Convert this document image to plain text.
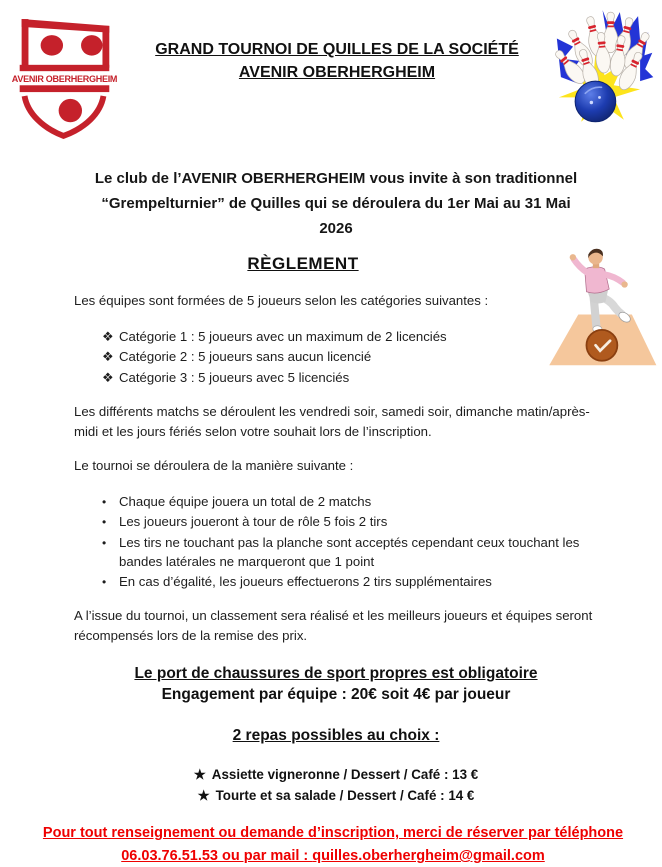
AVENIR OBERHERGHEIM
GRAND TOURNOI DE QUILLES DE LA SOCIÉTÉ
AVENIR OBERHERGHEIM

Le club de l’AVENIR OBERHERGHEIM vous invite à son traditionnel “Grempelturnier” de Quilles qui se déroulera du 1er Mai au 31 Mai 2026

RÈGLEMENT

Les équipes sont formées de 5 joueurs selon les catégories suivantes :

❖ Catégorie 1 : 5 joueurs avec un maximum de 2 licenciés
❖ Catégorie 2 : 5 joueurs sans aucun licencié
❖ Catégorie 3 : 5 joueurs avec 5 licenciés

Les différents matchs se déroulent les vendredi soir, samedi soir, dimanche matin/après-midi et les jours fériés selon votre souhait lors de l’inscription.

Le tournoi se déroulera de la manière suivante :

• Chaque équipe jouera un total de 2 matchs
• Les joueurs joueront à tour de rôle 5 fois 2 tirs
• Les tirs ne touchant pas la planche sont acceptés cependant ceux touchant les bandes latérales ne marqueront que 1 point
• En cas d’égalité, les joueurs effectuerons 2 tirs supplémentaires

A l’issue du tournoi, un classement sera réalisé et les meilleurs joueurs et équipes seront récompensés lors de la remise des prix.

Le port de chaussures de sport propres est obligatoire

Engagement par équipe : 20€ soit 4€ par joueur

2 repas possibles au choix :
★ Assiette vigneronne / Dessert / Café : 13 €
★ Tourte et sa salade / Dessert / Café : 14 €
Pour tout renseignement ou demande d’inscription, merci de réserver par téléphone
06.03.76.51.53 ou par mail : quilles.oberhergheim@gmail.com
